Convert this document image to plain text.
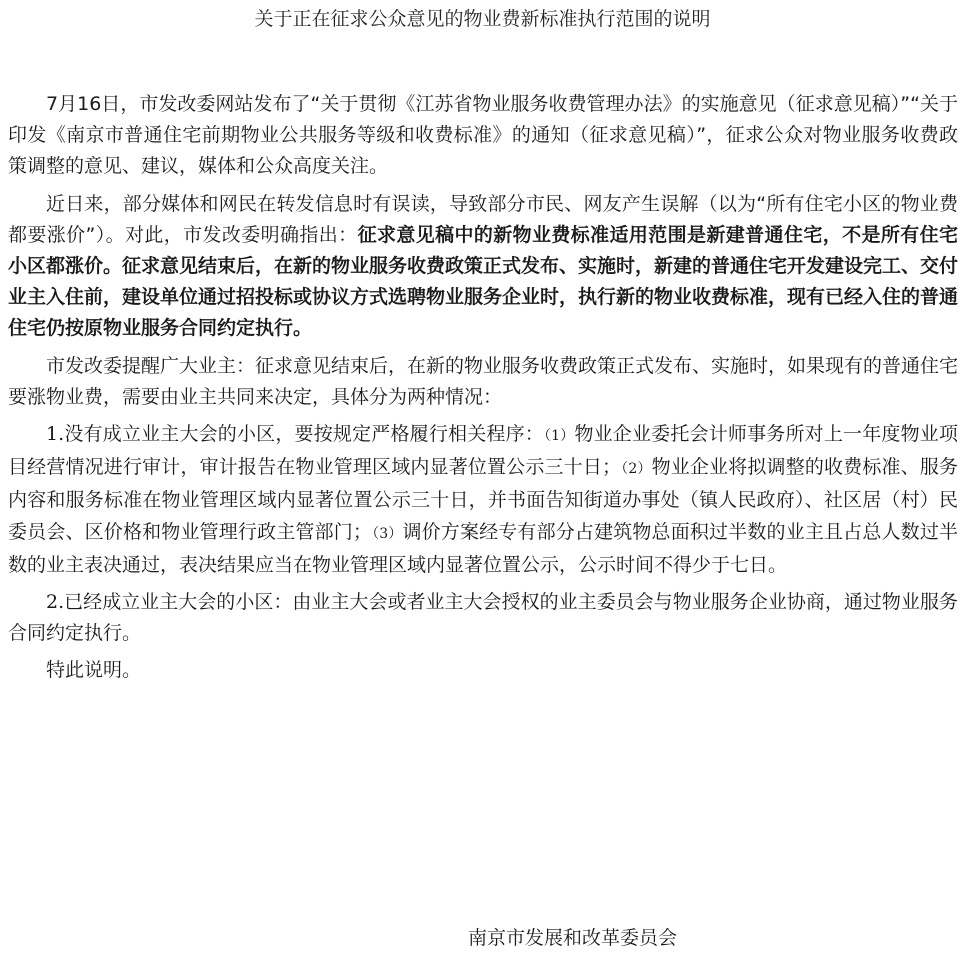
关于正在征求公众意见的物业费新标准执行范围的说明

7月16日，市发改委网站发布了“关于贯彻《江苏省物业服务收费管理办法》的实施意见（征求意见稿）”“关于印发《南京市普通住宅前期物业公共服务等级和收费标准》的通知（征求意见稿）”，征求公众对物业服务收费政策调整的意见、建议，媒体和公众高度关注。

近日来，部分媒体和网民在转发信息时有误读，导致部分市民、网友产生误解（以为“所有住宅小区的物业费都要涨价”）。对此，市发改委明确指出：征求意见稿中的新物业费标准适用范围是新建普通住宅，不是所有住宅小区都涨价。征求意见结束后，在新的物业服务收费政策正式发布、实施时，新建的普通住宅开发建设完工、交付业主入住前，建设单位通过招投标或协议方式选聘物业服务企业时，执行新的物业收费标准，现有已经入住的普通住宅仍按原物业服务合同约定执行。

市发改委提醒广大业主：征求意见结束后，在新的物业服务收费政策正式发布、实施时，如果现有的普通住宅要涨物业费，需要由业主共同来决定，具体分为两种情况：

1.没有成立业主大会的小区，要按规定严格履行相关程序：（1）物业企业委托会计师事务所对上一年度物业项目经营情况进行审计，审计报告在物业管理区域内显著位置公示三十日；（2）物业企业将拟调整的收费标准、服务内容和服务标准在物业管理区域内显著位置公示三十日，并书面告知街道办事处（镇人民政府）、社区居（村）民委员会、区价格和物业管理行政主管部门；（3）调价方案经专有部分占建筑物总面积过半数的业主且占总人数过半数的业主表决通过，表决结果应当在物业管理区域内显著位置公示，公示时间不得少于七日。

2.已经成立业主大会的小区：由业主大会或者业主大会授权的业主委员会与物业服务企业协商，通过物业服务合同约定执行。

特此说明。

南京市发展和改革委员会
